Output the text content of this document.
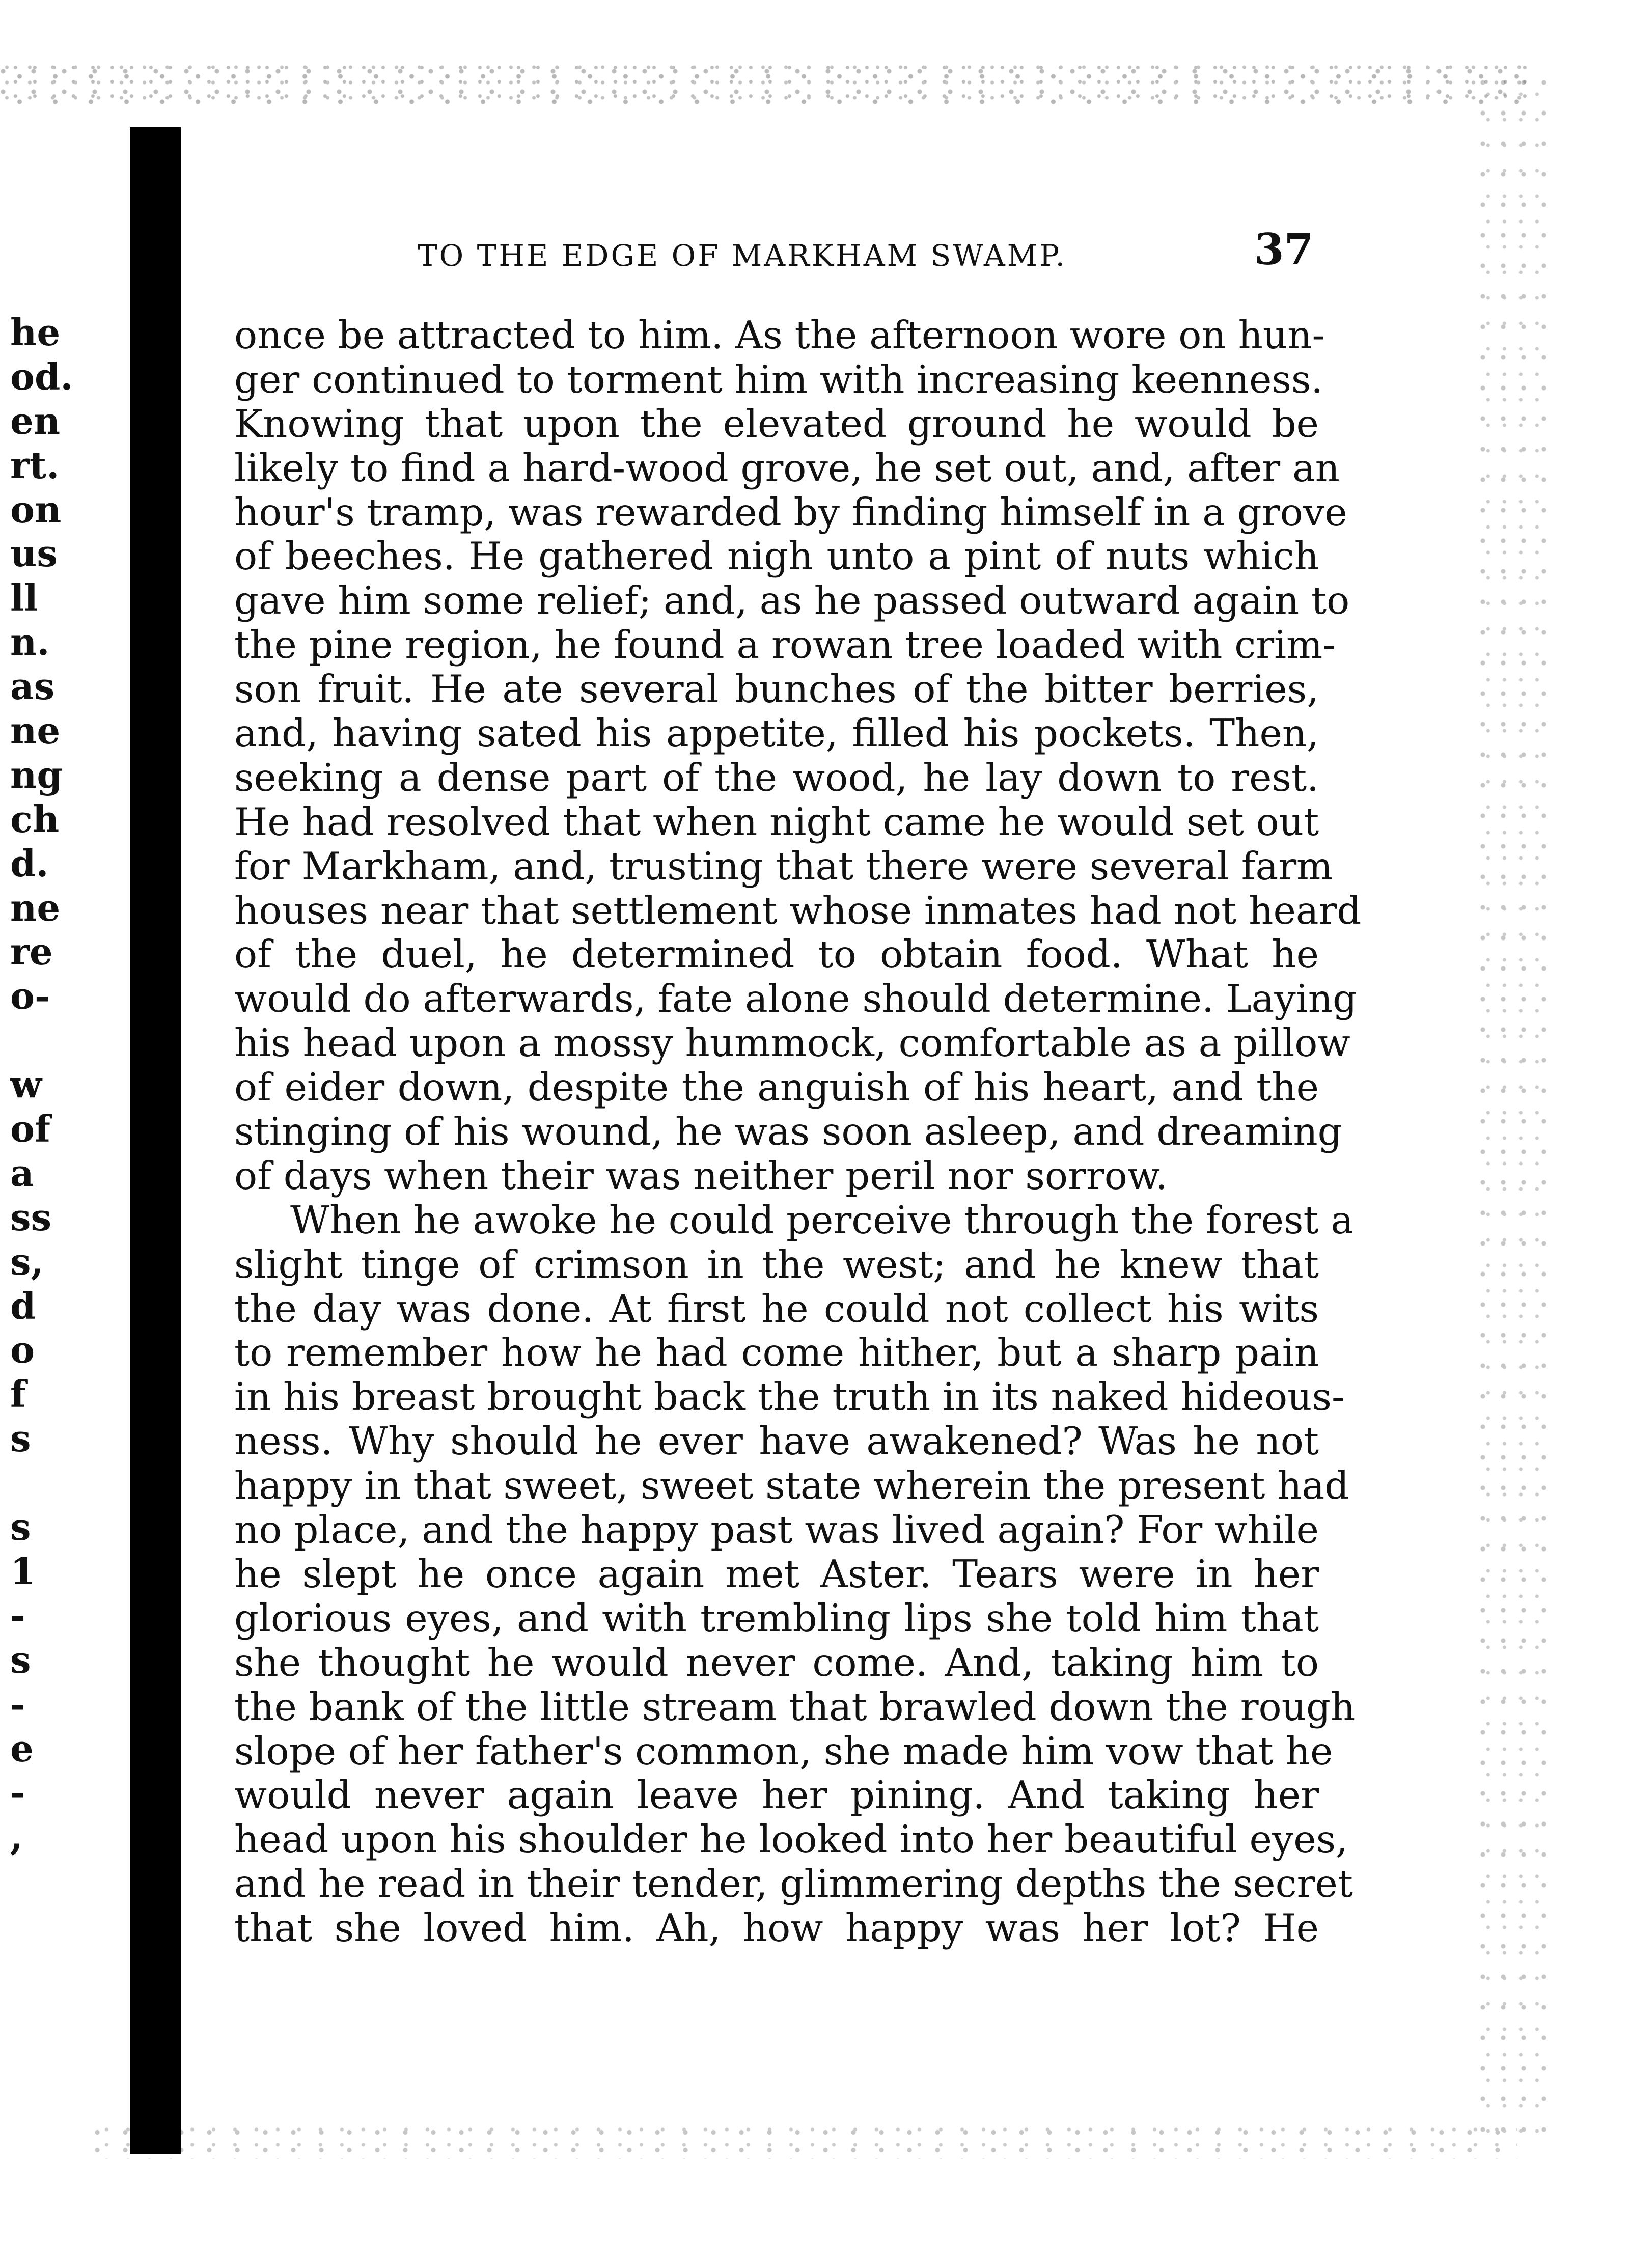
he
od.
en
rt.
on
us
ll
n.
as
ne
ng
ch
d.
ne
re
o-
w
of
a
ss
s,
d
o
f
s
s
1
-
s
-
e
-
,
TO THE EDGE OF MARKHAM SWAMP.	37
once be attracted to him. As the afternoon wore on hun-
ger continued to torment him with increasing keenness.
Knowing that upon the elevated ground he would be
likely to find a hard-wood grove, he set out, and, after an
hour's tramp, was rewarded by finding himself in a grove
of beeches. He gathered nigh unto a pint of nuts which
gave him some relief; and, as he passed outward again to
the pine region, he found a rowan tree loaded with crim-
son fruit. He ate several bunches of the bitter berries,
and, having sated his appetite, filled his pockets. Then,
seeking a dense part of the wood, he lay down to rest.
He had resolved that when night came he would set out
for Markham, and, trusting that there were several farm
houses near that settlement whose inmates had not heard
of the duel, he determined to obtain food. What he
would do afterwards, fate alone should determine. Laying
his head upon a mossy hummock, comfortable as a pillow
of eider down, despite the anguish of his heart, and the
stinging of his wound, he was soon asleep, and dreaming
of days when their was neither peril nor sorrow.
When he awoke he could perceive through the forest a
slight tinge of crimson in the west; and he knew that
the day was done. At first he could not collect his wits
to remember how he had come hither, but a sharp pain
in his breast brought back the truth in its naked hideous-
ness. Why should he ever have awakened? Was he not
happy in that sweet, sweet state wherein the present had
no place, and the happy past was lived again? For while
he slept he once again met Aster. Tears were in her
glorious eyes, and with trembling lips she told him that
she thought he would never come. And, taking him to
the bank of the little stream that brawled down the rough
slope of her father's common, she made him vow that he
would never again leave her pining. And taking her
head upon his shoulder he looked into her beautiful eyes,
and he read in their tender, glimmering depths the secret
that she loved him. Ah, how happy was her lot? He
